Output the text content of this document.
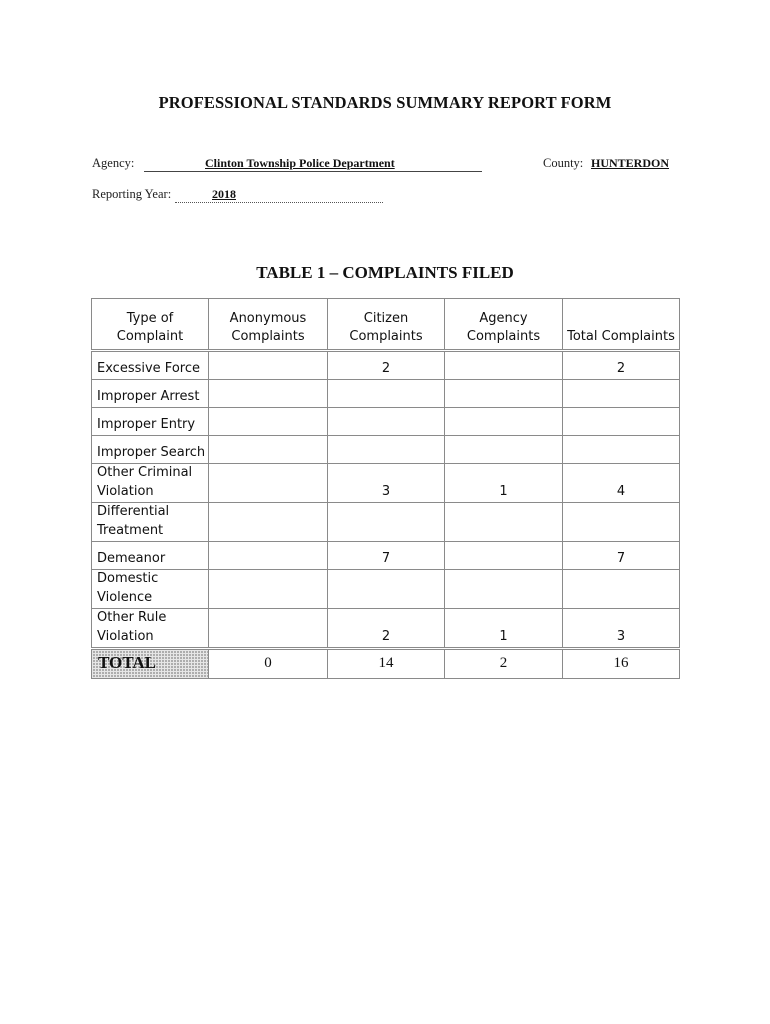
PROFESSIONAL STANDARDS SUMMARY REPORT FORM
Agency:	Clinton Township Police Department	County: HUNTERDON
Reporting Year:	2018
TABLE 1 – COMPLAINTS FILED
Type of Complaint	Anonymous Complaints	Citizen Complaints	Agency Complaints	Total Complaints
Excessive Force		2		2
Improper Arrest				
Improper Entry				
Improper Search				
Other Criminal Violation		3	1	4
Differential Treatment				
Demeanor		7		7
Domestic Violence				
Other Rule Violation		2	1	3
TOTAL	0	14	2	16
